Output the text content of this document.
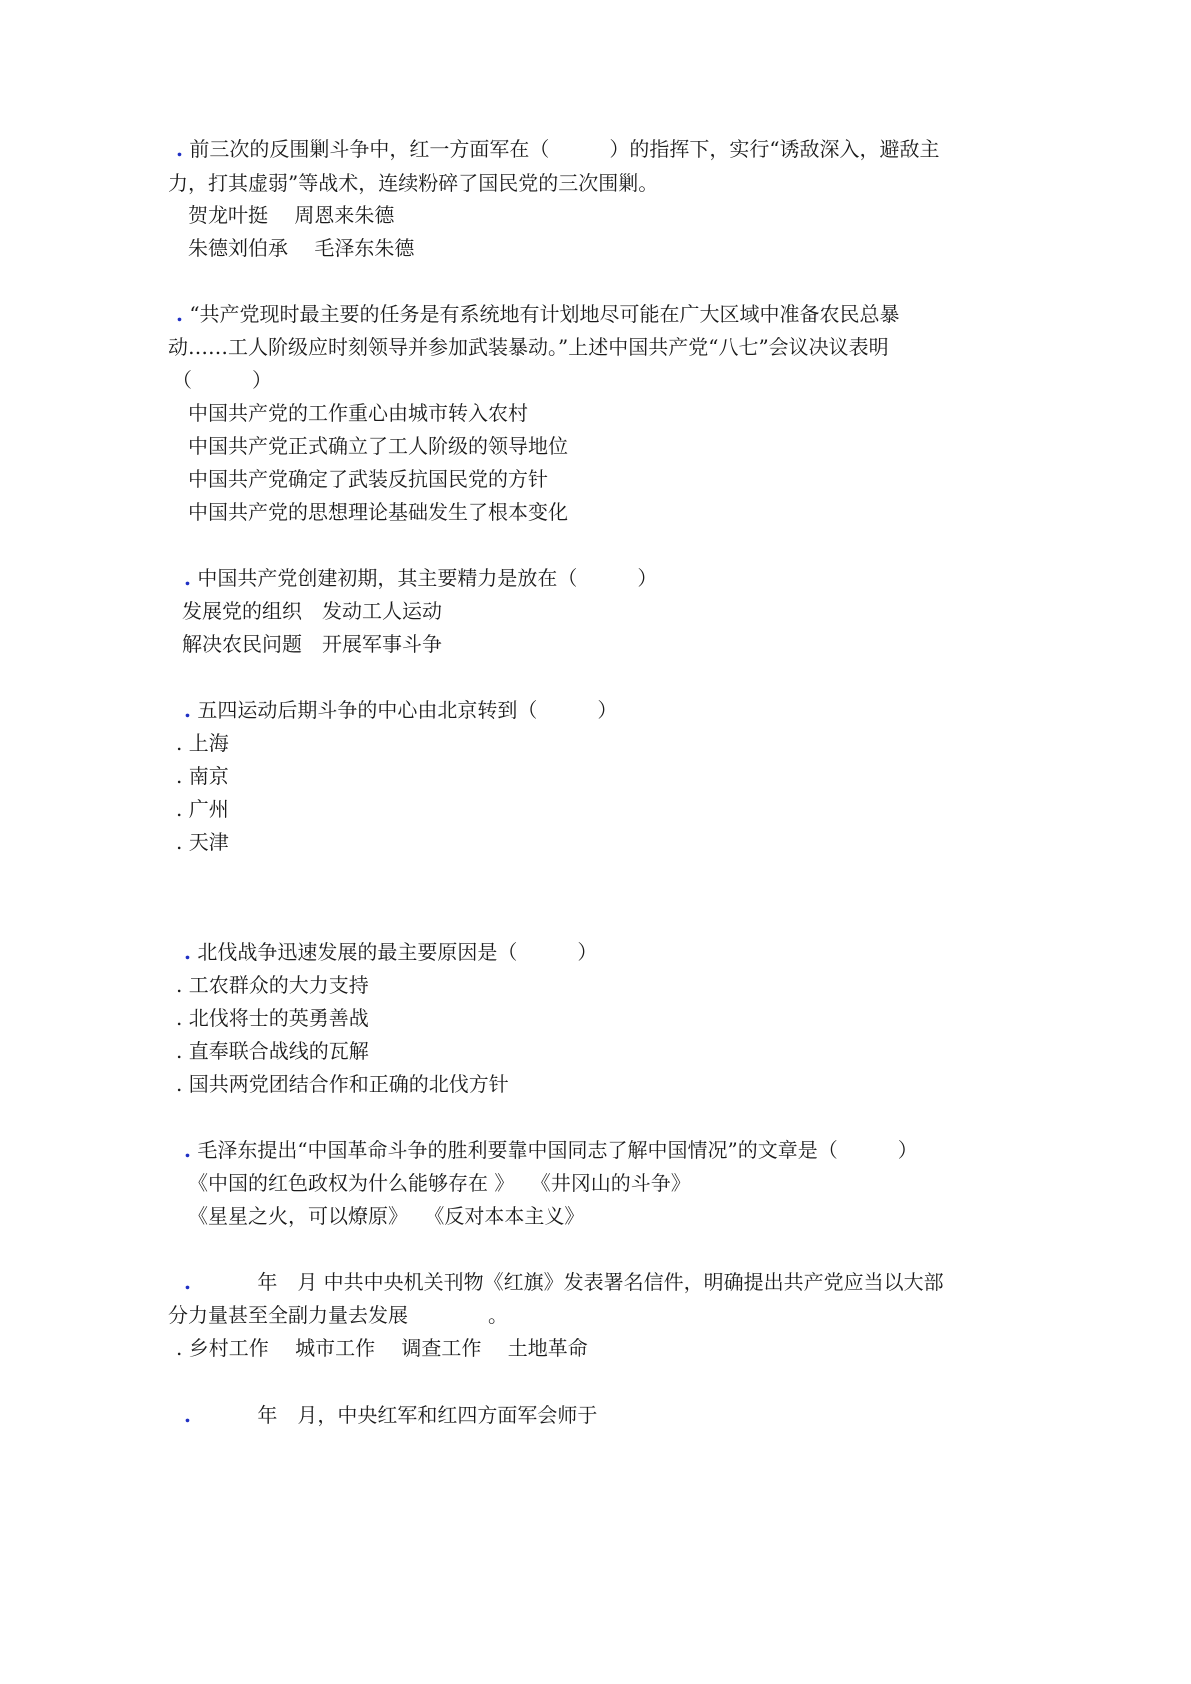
. 前三次的反围剿斗争中，红一方面军在（　　　）的指挥下，实行“诱敌深入，避敌主
力，打其虚弱”等战术，连续粉碎了国民党的三次围剿。
贺龙叶挺　 周恩来朱德
朱德刘伯承　 毛泽东朱德
. “共产党现时最主要的任务是有系统地有计划地尽可能在广大区域中准备农民总暴
动……工人阶级应时刻领导并参加武装暴动。”上述中国共产党“八七”会议决议表明
（　　　）
中国共产党的工作重心由城市转入农村
中国共产党正式确立了工人阶级的领导地位
中国共产党确定了武装反抗国民党的方针
中国共产党的思想理论基础发生了根本变化
. 中国共产党创建初期，其主要精力是放在（　　　）
发展党的组织　发动工人运动
解决农民问题　开展军事斗争
. 五四运动后期斗争的中心由北京转到（　　　）
. 上海
. 南京
. 广州
. 天津
. 北伐战争迅速发展的最主要原因是（　　　）
. 工农群众的大力支持
. 北伐将士的英勇善战
. 直奉联合战线的瓦解
. 国共两党团结合作和正确的北伐方针
. 毛泽东提出“中国革命斗争的胜利要靠中国同志了解中国情况”的文章是（　　　）
《中国的红色政权为什么能够存在 》　 《井冈山的斗争》
《星星之火，可以燎原》　 《反对本本主义》
. 　　　年　月 中共中央机关刊物《红旗》发表署名信件，明确提出共产党应当以大部
分力量甚至全副力量去发展　　　　。
. 乡村工作　 城市工作　 调查工作　 土地革命
. 　　　年　月，中央红军和红四方面军会师于
